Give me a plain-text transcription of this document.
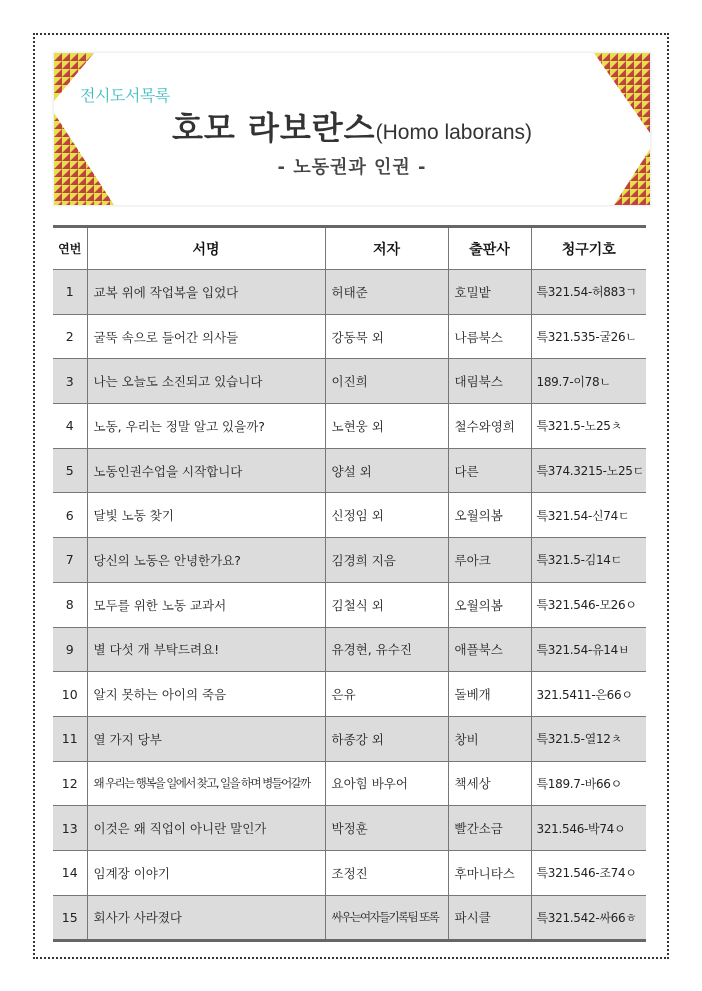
전시도서목록
호모 라보란스(Homo laborans)
- 노동권과 인권 -
연번	서명	저자	출판사	청구기호
1	교복 위에 작업복을 입었다	허태준	호밀밭	특321.54-허883ㄱ
2	굴뚝 속으로 들어간 의사들	강동묵 외	나름북스	특321.535-굴26ㄴ
3	나는 오늘도 소진되고 있습니다	이진희	대림북스	189.7-이78ㄴ
4	노동, 우리는 정말 알고 있을까?	노현웅 외	철수와영희	특321.5-노25ㅊ
5	노동인권수업을 시작합니다	양설 외	다른	특374.3215-노25ㄷ
6	달빛 노동 찾기	신정임 외	오월의봄	특321.54-신74ㄷ
7	당신의 노동은 안녕한가요?	김경희 지음	루아크	특321.5-김14ㄷ
8	모두를 위한 노동 교과서	김철식 외	오월의봄	특321.546-모26ㅇ
9	별 다섯 개 부탁드려요!	유경현, 유수진	애플북스	특321.54-유14ㅂ
10	알지 못하는 아이의 죽음	은유	돌베개	321.5411-은66ㅇ
11	열 가지 당부	하종강 외	창비	특321.5-열12ㅊ
12	왜 우리는 행복을 일에서 찾고, 일을 하며 병들어갈까	요아힘 바우어	책세상	특189.7-바66ㅇ
13	이것은 왜 직업이 아니란 말인가	박정훈	빨간소금	321.546-박74ㅇ
14	임계장 이야기	조정진	후마니타스	특321.546-조74ㅇ
15	회사가 사라졌다	싸우는여자들기록팀 또록	파시클	특321.542-싸66ㅎ
